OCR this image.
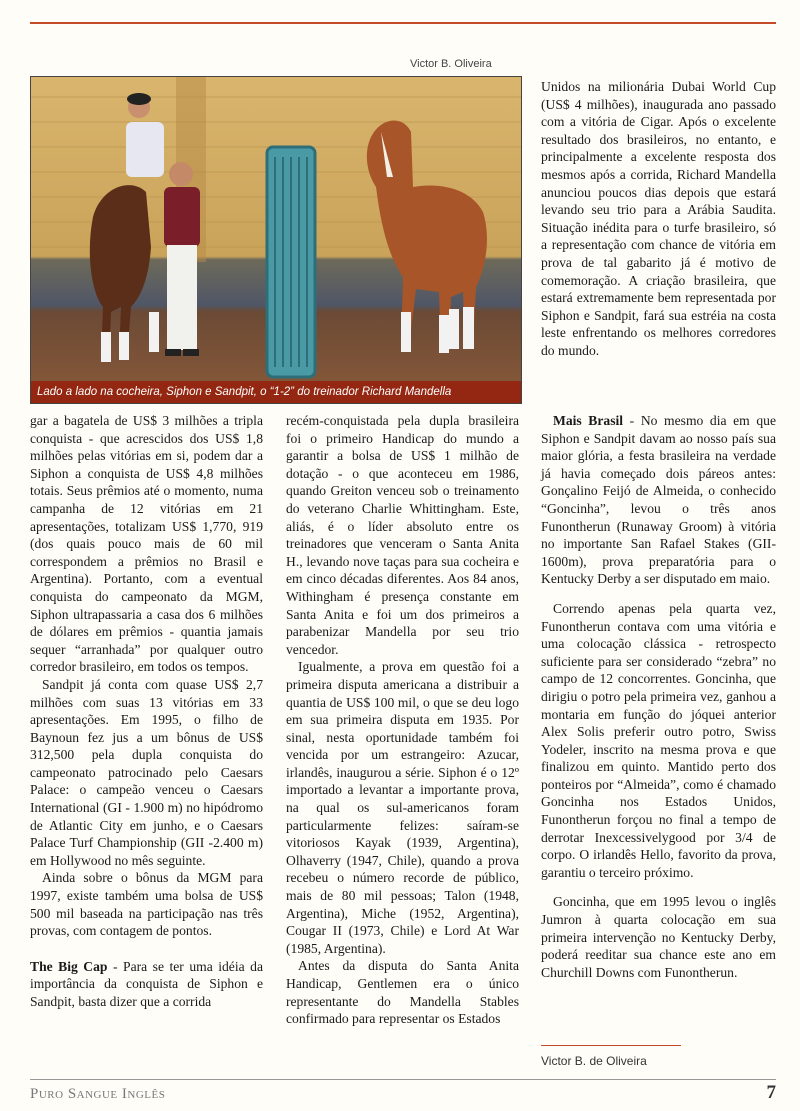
Victor B. Oliveira
Lado a lado na cocheira, Siphon e Sandpit, o “1-2” do treinador Richard Mandella

Unidos na milionária Dubai World Cup (US$ 4 milhões), inaugurada ano passado com a vitória de Cigar. Após o excelente resultado dos brasileiros, no entanto, e principalmente a excelente resposta dos mesmos após a corrida, Richard Mandella anunciou poucos dias depois que estará levando seu trio para a Arábia Saudita. Situação inédita para o turfe brasileiro, só a representação com chance de vitória em prova de tal gabarito já é motivo de comemoração. A criação brasileira, que estará extremamente bem representada por Siphon e Sandpit, fará sua estréia na costa leste enfrentando os melhores corredores do mundo.

gar a bagatela de US$ 3 milhões a tripla conquista - que acrescidos dos US$ 1,8 milhões pelas vitórias em si, podem dar a Siphon a conquista de US$ 4,8 milhões totais. Seus prêmios até o momento, numa campanha de 12 vitórias em 21 apresentações, totalizam US$ 1,770, 919 (dos quais pouco mais de 60 mil correspondem a prêmios no Brasil e Argentina). Portanto, com a eventual conquista do campeonato da MGM, Siphon ultrapassaria a casa dos 6 milhões de dólares em prêmios - quantia jamais sequer “arranhada” por qualquer outro corredor brasileiro, em todos os tempos.

Sandpit já conta com quase US$ 2,7 milhões com suas 13 vitórias em 33 apresentações. Em 1995, o filho de Baynoun fez jus a um bônus de US$ 312,500 pela dupla conquista do campeonato patrocinado pelo Caesars Palace: o campeão venceu o Caesars International (GI - 1.900 m) no hipódromo de Atlantic City em junho, e o Caesars Palace Turf Championship (GII -2.400 m) em Hollywood no mês seguinte.

Ainda sobre o bônus da MGM para 1997, existe também uma bolsa de US$ 500 mil baseada na participação nas três provas, com contagem de pontos.

The Big Cap - Para se ter uma idéia da importância da conquista de Siphon e Sandpit, basta dizer que a corrida

recém-conquistada pela dupla brasileira foi o primeiro Handicap do mundo a garantir a bolsa de US$ 1 milhão de dotação - o que aconteceu em 1986, quando Greiton venceu sob o treinamento do veterano Charlie Whittingham. Este, aliás, é o líder absoluto entre os treinadores que venceram o Santa Anita H., levando nove taças para sua cocheira e em cinco décadas diferentes. Aos 84 anos, Withingham é presença constante em Santa Anita e foi um dos primeiros a parabenizar Mandella por seu trio vencedor.

Igualmente, a prova em questão foi a primeira disputa americana a distribuir a quantia de US$ 100 mil, o que se deu logo em sua primeira disputa em 1935. Por sinal, nesta oportunidade também foi vencida por um estrangeiro: Azucar, irlandês, inaugurou a série. Siphon é o 12º importado a levantar a importante prova, na qual os sul-americanos foram particularmente felizes: saíram-se vitoriosos Kayak (1939, Argentina), Olhaverry (1947, Chile), quando a prova recebeu o número recorde de público, mais de 80 mil pessoas; Talon (1948, Argentina), Miche (1952, Argentina), Cougar II (1973, Chile) e Lord At War (1985, Argentina).

Antes da disputa do Santa Anita Handicap, Gentlemen era o único representante do Mandella Stables confirmado para representar os Estados

Mais Brasil - No mesmo dia em que Siphon e Sandpit davam ao nosso país sua maior glória, a festa brasileira na verdade já havia começado dois páreos antes: Gonçalino Feijó de Almeida, o conhecido “Goncinha”, levou o três anos Funontherun (Runaway Groom) à vitória no importante San Rafael Stakes (GII-1600m), prova preparatória para o Kentucky Derby a ser disputado em maio.

Correndo apenas pela quarta vez, Funontherun contava com uma vitória e uma colocação clássica - retrospecto suficiente para ser considerado “zebra” no campo de 12 concorrentes. Goncinha, que dirigiu o potro pela primeira vez, ganhou a montaria em função do jóquei anterior Alex Solis preferir outro potro, Swiss Yodeler, inscrito na mesma prova e que finalizou em quinto. Mantido perto dos ponteiros por “Almeida”, como é chamado Goncinha nos Estados Unidos, Funontherun forçou no final a tempo de derrotar Inexcessivelygood por 3/4 de corpo. O irlandês Hello, favorito da prova, garantiu o terceiro próximo.

Goncinha, que em 1995 levou o inglês Jumron à quarta colocação em sua primeira intervenção no Kentucky Derby, poderá reeditar sua chance este ano em Churchill Downs com Funontherun.

Victor B. de Oliveira
Puro Sangue Inglês	7
